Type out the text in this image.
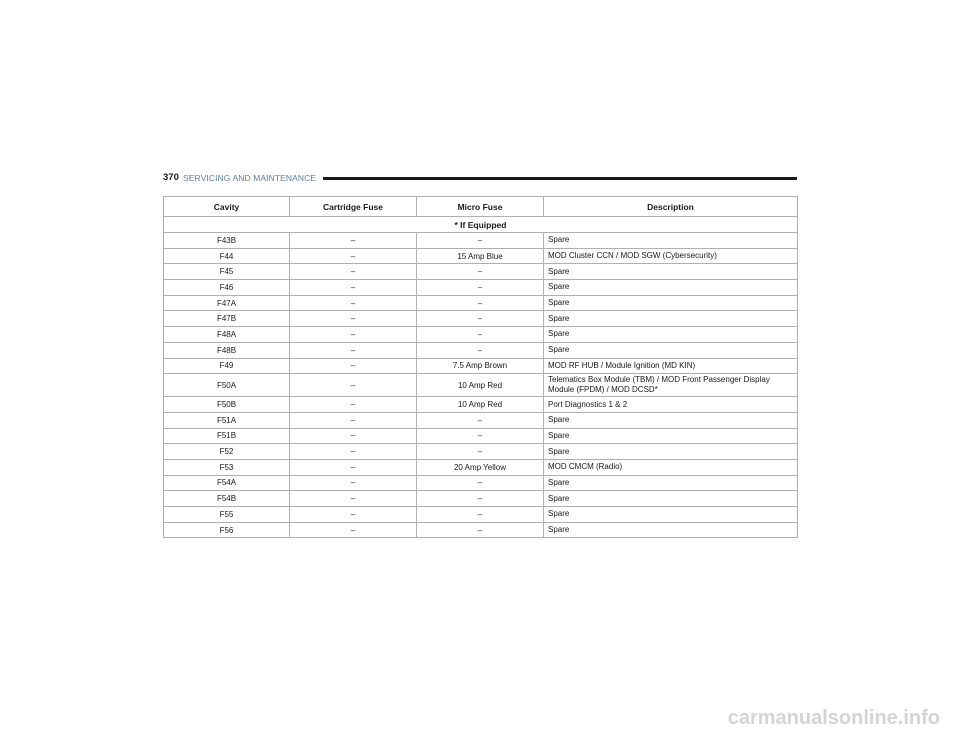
370 SERVICING AND MAINTENANCE
Cavity	Cartridge Fuse	Micro Fuse	Description
* If Equipped			
F43B	–	–	Spare
F44	–	15 Amp Blue	MOD Cluster CCN / MOD SGW (Cybersecurity)
F45	–	–	Spare
F46	–	–	Spare
F47A	–	–	Spare
F47B	–	–	Spare
F48A	–	–	Spare
F48B	–	–	Spare
F49	–	7.5 Amp Brown	MOD RF HUB / Module Ignition (MD KIN)
F50A	–	10 Amp Red	Telematics Box Module (TBM) / MOD Front Passenger Display Module (FPDM) / MOD DCSD*
F50B	–	10 Amp Red	Port Diagnostics 1 & 2
F51A	–	–	Spare
F51B	–	–	Spare
F52	–	–	Spare
F53	–	20 Amp Yellow	MOD CMCM (Radio)
F54A	–	–	Spare
F54B	–	–	Spare
F55	–	–	Spare
F56	–	–	Spare
carmanualsonline.info
